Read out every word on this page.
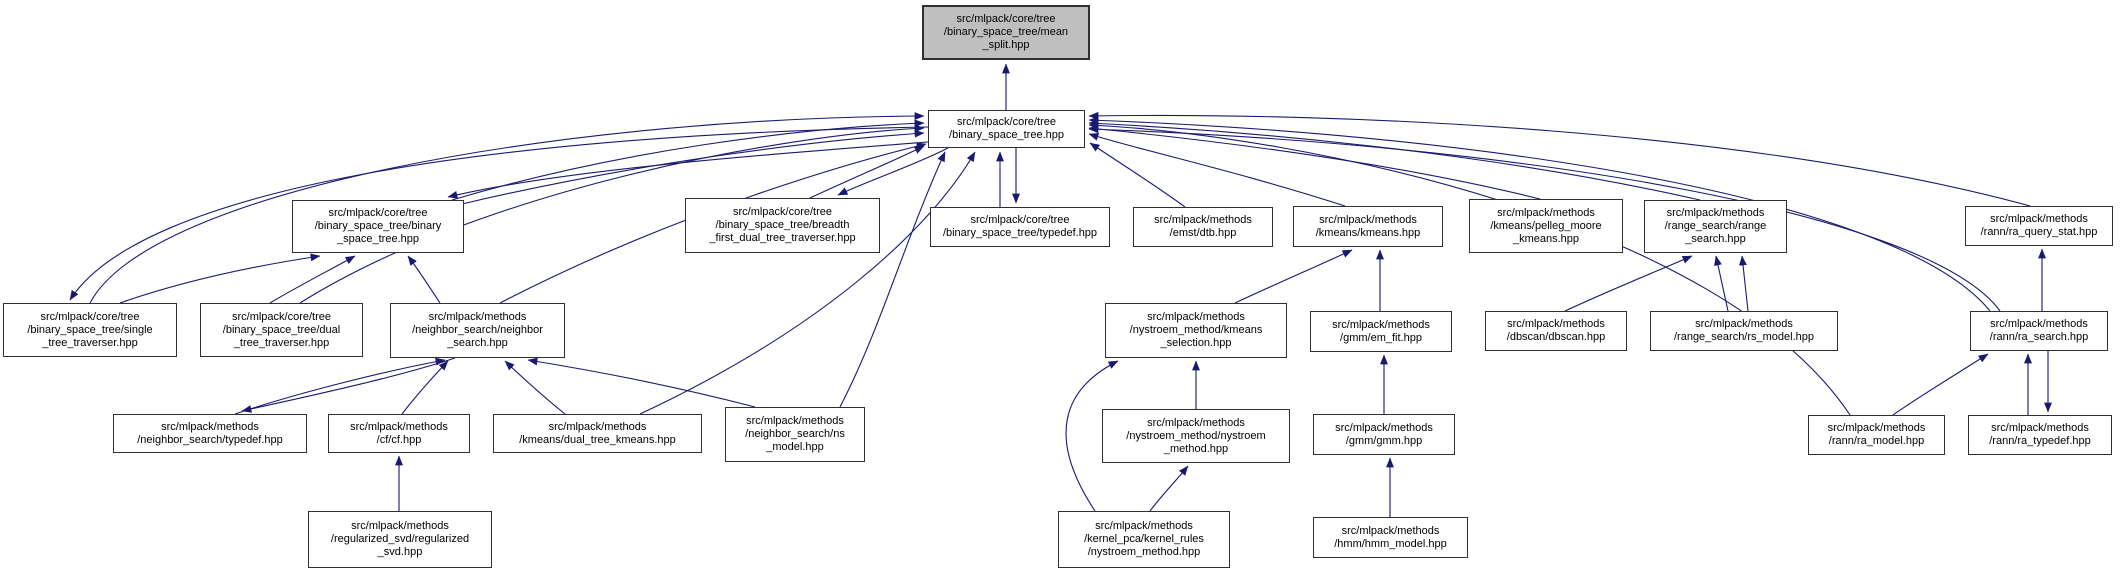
src/mlpack/core/tree
/binary_space_tree/mean
_split.hpp
src/mlpack/core/tree
/binary_space_tree.hpp
src/mlpack/core/tree
/binary_space_tree/binary
_space_tree.hpp
src/mlpack/core/tree
/binary_space_tree/breadth
_first_dual_tree_traverser.hpp
src/mlpack/core/tree
/binary_space_tree/typedef.hpp
src/mlpack/methods
/emst/dtb.hpp
src/mlpack/methods
/kmeans/kmeans.hpp
src/mlpack/methods
/kmeans/pelleg_moore
_kmeans.hpp
src/mlpack/methods
/range_search/range
_search.hpp
src/mlpack/methods
/rann/ra_query_stat.hpp
src/mlpack/core/tree
/binary_space_tree/single
_tree_traverser.hpp
src/mlpack/core/tree
/binary_space_tree/dual
_tree_traverser.hpp
src/mlpack/methods
/neighbor_search/neighbor
_search.hpp
src/mlpack/methods
/nystroem_method/kmeans
_selection.hpp
src/mlpack/methods
/gmm/em_fit.hpp
src/mlpack/methods
/dbscan/dbscan.hpp
src/mlpack/methods
/range_search/rs_model.hpp
src/mlpack/methods
/rann/ra_search.hpp
src/mlpack/methods
/neighbor_search/typedef.hpp
src/mlpack/methods
/cf/cf.hpp
src/mlpack/methods
/kmeans/dual_tree_kmeans.hpp
src/mlpack/methods
/neighbor_search/ns
_model.hpp
src/mlpack/methods
/nystroem_method/nystroem
_method.hpp
src/mlpack/methods
/gmm/gmm.hpp
src/mlpack/methods
/rann/ra_model.hpp
src/mlpack/methods
/rann/ra_typedef.hpp
src/mlpack/methods
/regularized_svd/regularized
_svd.hpp
src/mlpack/methods
/kernel_pca/kernel_rules
/nystroem_method.hpp
src/mlpack/methods
/hmm/hmm_model.hpp
